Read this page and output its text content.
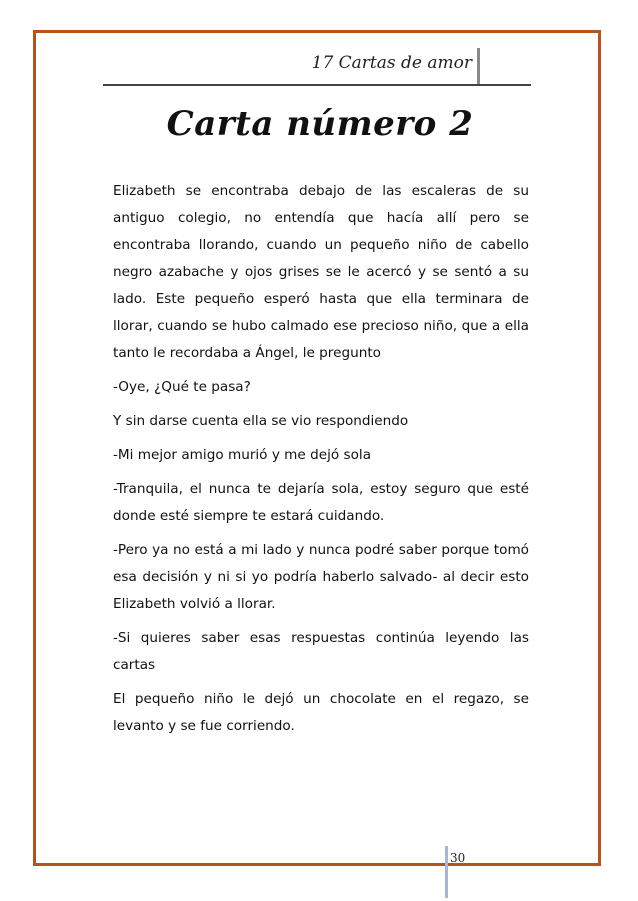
17 Cartas de amor
Carta número 2

Elizabeth se encontraba debajo de las escaleras de su antiguo colegio, no entendía que hacía allí pero se encontraba llorando, cuando un pequeño niño de cabello negro azabache y ojos grises se le acercó y se sentó a su lado. Este pequeño esperó hasta que ella terminara de llorar, cuando se hubo calmado ese precioso niño, que a ella tanto le recordaba a Ángel, le pregunto

-Oye, ¿Qué te pasa?

Y sin darse cuenta ella se vio respondiendo

-Mi mejor amigo murió y me dejó sola

-Tranquila, el nunca te dejaría sola, estoy seguro que esté donde esté siempre te estará cuidando.

-Pero ya no está a mi lado y nunca podré saber porque tomó esa decisión y ni si yo podría haberlo salvado- al decir esto Elizabeth volvió a llorar.

-Si quieres saber esas respuestas continúa leyendo las cartas

El pequeño niño le dejó un chocolate en el regazo, se levanto y se fue corriendo.

30
